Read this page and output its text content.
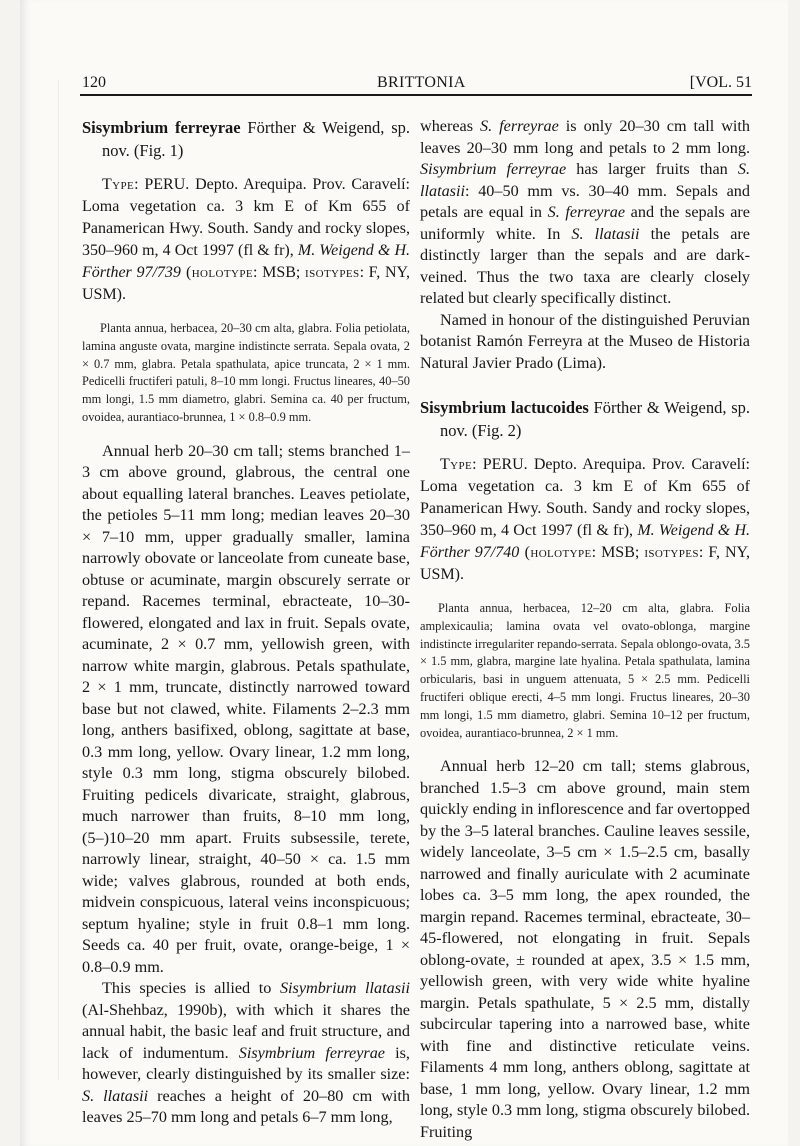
120	BRITTONIA	[VOL. 51

Sisymbrium ferreyrae Förther & Weigend, sp. nov. (Fig. 1)

Type: PERU. Depto. Arequipa. Prov. Caravelí: Loma vegetation ca. 3 km E of Km 655 of Panamerican Hwy. South. Sandy and rocky slopes, 350–960 m, 4 Oct 1997 (fl & fr), M. Weigend & H. Förther 97/739 (holotype: MSB; isotypes: F, NY, USM).

Planta annua, herbacea, 20–30 cm alta, glabra. Folia petiolata, lamina anguste ovata, margine indistincte serrata. Sepala ovata, 2 × 0.7 mm, glabra. Petala spathulata, apice truncata, 2 × 1 mm. Pedicelli fructiferi patuli, 8–10 mm longi. Fructus lineares, 40–50 mm longi, 1.5 mm diametro, glabri. Semina ca. 40 per fructum, ovoidea, aurantiaco-brunnea, 1 × 0.8–0.9 mm.

Annual herb 20–30 cm tall; stems branched 1–3 cm above ground, glabrous, the central one about equalling lateral branches. Leaves petiolate, the petioles 5–11 mm long; median leaves 20–30 × 7–10 mm, upper gradually smaller, lamina narrowly obovate or lanceolate from cuneate base, obtuse or acuminate, margin obscurely serrate or repand. Racemes terminal, ebracteate, 10–30-flowered, elongated and lax in fruit. Sepals ovate, acuminate, 2 × 0.7 mm, yellowish green, with narrow white margin, glabrous. Petals spathulate, 2 × 1 mm, truncate, distinctly narrowed toward base but not clawed, white. Filaments 2–2.3 mm long, anthers basifixed, oblong, sagittate at base, 0.3 mm long, yellow. Ovary linear, 1.2 mm long, style 0.3 mm long, stigma obscurely bilobed. Fruiting pedicels divaricate, straight, glabrous, much narrower than fruits, 8–10 mm long, (5–)10–20 mm apart. Fruits subsessile, terete, narrowly linear, straight, 40–50 × ca. 1.5 mm wide; valves glabrous, rounded at both ends, midvein conspicuous, lateral veins inconspicuous; septum hyaline; style in fruit 0.8–1 mm long. Seeds ca. 40 per fruit, ovate, orange-beige, 1 × 0.8–0.9 mm.

This species is allied to Sisymbrium llatasii (Al-Shehbaz, 1990b), with which it shares the annual habit, the basic leaf and fruit structure, and lack of indumentum. Sisymbrium ferreyrae is, however, clearly distinguished by its smaller size: S. llatasii reaches a height of 20–80 cm with leaves 25–70 mm long and petals 6–7 mm long,

whereas S. ferreyrae is only 20–30 cm tall with leaves 20–30 mm long and petals to 2 mm long. Sisymbrium ferreyrae has larger fruits than S. llatasii: 40–50 mm vs. 30–40 mm. Sepals and petals are equal in S. ferreyrae and the sepals are uniformly white. In S. llatasii the petals are distinctly larger than the sepals and are dark-veined. Thus the two taxa are clearly closely related but clearly specifically distinct.

Named in honour of the distinguished Peruvian botanist Ramón Ferreyra at the Museo de Historia Natural Javier Prado (Lima).

Sisymbrium lactucoides Förther & Weigend, sp. nov. (Fig. 2)

Type: PERU. Depto. Arequipa. Prov. Caravelí: Loma vegetation ca. 3 km E of Km 655 of Panamerican Hwy. South. Sandy and rocky slopes, 350–960 m, 4 Oct 1997 (fl & fr), M. Weigend & H. Förther 97/740 (holotype: MSB; isotypes: F, NY, USM).

Planta annua, herbacea, 12–20 cm alta, glabra. Folia amplexicaulia; lamina ovata vel ovato-oblonga, margine indistincte irregulariter repando-serrata. Sepala oblongo-ovata, 3.5 × 1.5 mm, glabra, margine late hyalina. Petala spathulata, lamina orbicularis, basi in unguem attenuata, 5 × 2.5 mm. Pedicelli fructiferi oblique erecti, 4–5 mm longi. Fructus lineares, 20–30 mm longi, 1.5 mm diametro, glabri. Semina 10–12 per fructum, ovoidea, aurantiaco-brunnea, 2 × 1 mm.

Annual herb 12–20 cm tall; stems glabrous, branched 1.5–3 cm above ground, main stem quickly ending in inflorescence and far overtopped by the 3–5 lateral branches. Cauline leaves sessile, widely lanceolate, 3–5 cm × 1.5–2.5 cm, basally narrowed and finally auriculate with 2 acuminate lobes ca. 3–5 mm long, the apex rounded, the margin repand. Racemes terminal, ebracteate, 30–45-flowered, not elongating in fruit. Sepals oblong-ovate, ± rounded at apex, 3.5 × 1.5 mm, yellowish green, with very wide white hyaline margin. Petals spathulate, 5 × 2.5 mm, distally subcircular tapering into a narrowed base, white with fine and distinctive reticulate veins. Filaments 4 mm long, anthers oblong, sagittate at base, 1 mm long, yellow. Ovary linear, 1.2 mm long, style 0.3 mm long, stigma obscurely bilobed. Fruiting
